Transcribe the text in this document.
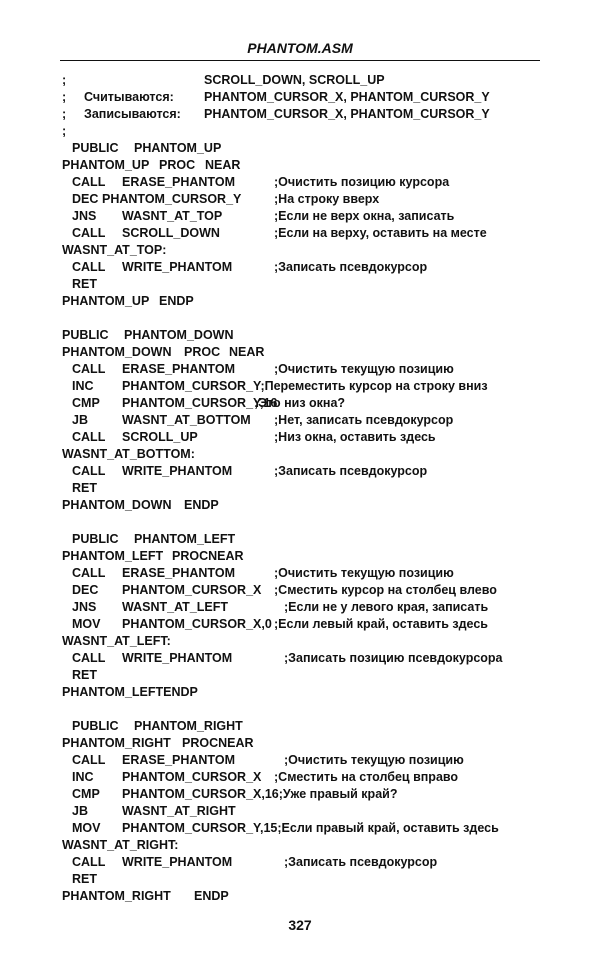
PHANTOM.ASM
;	SCROLL_DOWN, SCROLL_UP
; Считываются: PHANTOM_CURSOR_X, PHANTOM_CURSOR_Y
; Записываются: PHANTOM_CURSOR_X, PHANTOM_CURSOR_Y
;
PUBLIC PHANTOM_UP
PHANTOM_UP PROC NEAR
CALL ERASE_PHANTOM	;Очистить позицию курсора
DEC PHANTOM_CURSOR_Y	;На строку вверх
JNS WASNT_AT_TOP	;Если не верх окна, записать
CALL SCROLL_DOWN	;Если на верху, оставить на месте
WASNT_AT_TOP:
CALL WRITE_PHANTOM	;Записать псевдокурсор
RET
PHANTOM_UP ENDP
PUBLIC PHANTOM_DOWN
PHANTOM_DOWN PROC NEAR
CALL ERASE_PHANTOM	;Очистить текущую позицию
INC PHANTOM_CURSOR_Y;Переместить курсор на строку вниз
CMP PHANTOM_CURSOR_Y,16
;Это низ окна?
JB	WASNT_AT_BOTTOM ;Нет, записать псевдокурсор
CALL SCROLL_UP	;Низ окна, оставить здесь
WASNT_AT_BOTTOM:
CALL WRITE_PHANTOM	;Записать псевдокурсор
RET
PHANTOM_DOWN ENDP
PUBLIC PHANTOM_LEFT
PHANTOM_LEFT PROCNEAR
CALL ERASE_PHANTOM	;Очистить текущую позицию
DEC PHANTOM_CURSOR_X ;Сместить курсор на столбец влево
JNS WASNT_AT_LEFT	;Если не у левого края, записать
MOV PHANTOM_CURSOR_X,0 ;Если левый край, оставить здесь
WASNT_AT_LEFT:
CALL WRITE_PHANTOM	;Записать позицию псевдокурсора
RET
PHANTOM_LEFTENDP
PUBLIC PHANTOM_RIGHT
PHANTOM_RIGHT PROCNEAR
CALL ERASE_PHANTOM	;Очистить текущую позицию
INC PHANTOM_CURSOR_X ;Сместить на столбец вправо
CMP PHANTOM_CURSOR_X,16;Уже правый край?
JB	WASNT_AT_RIGHT
MOV PHANTOM_CURSOR_Y,15;Если правый край, оставить здесь
WASNT_AT_RIGHT:
CALL WRITE_PHANTOM	;Записать псевдокурсор
RET
PHANTOM_RIGHT ENDP
327
